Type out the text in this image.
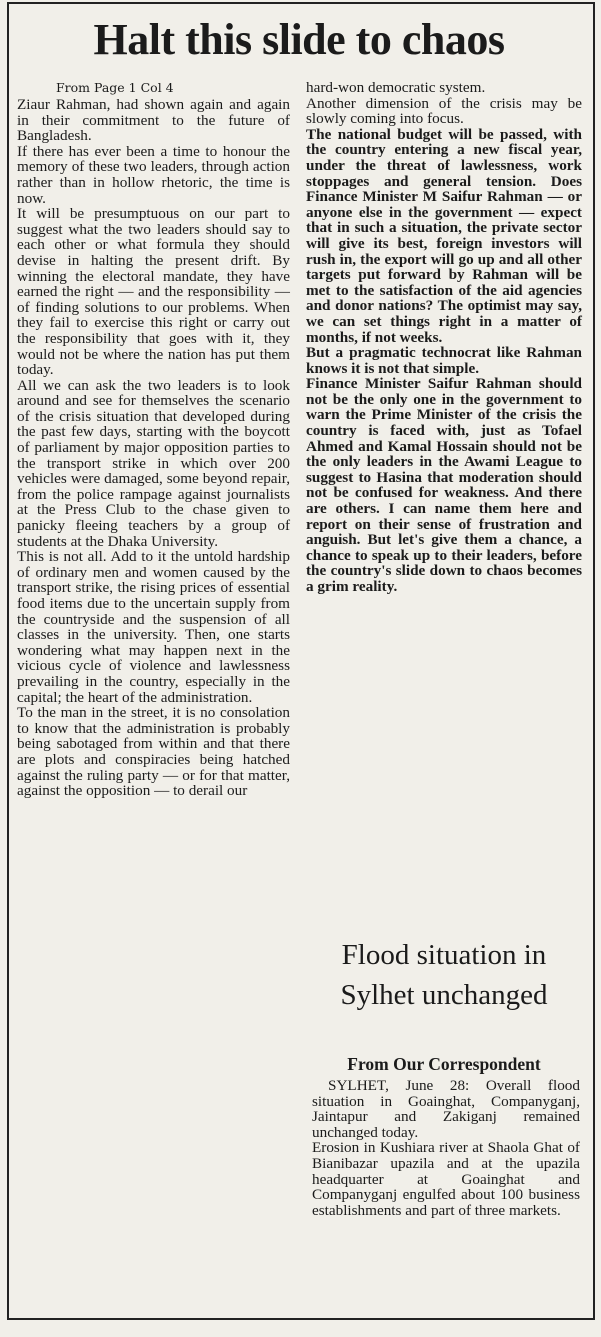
Halt this slide to chaos
From Page 1 Col 4

Ziaur Rahman, had shown again and again in their commitment to the future of Bangladesh.

If there has ever been a time to honour the memory of these two leaders, through action rather than in hollow rhetoric, the time is now.

It will be presumptuous on our part to suggest what the two leaders should say to each other or what formula they should devise in halting the present drift. By winning the electoral mandate, they have earned the right — and the responsibility — of finding solutions to our problems. When they fail to exercise this right or carry out the responsibility that goes with it, they would not be where the nation has put them today.

All we can ask the two leaders is to look around and see for themselves the scenario of the crisis situation that developed during the past few days, starting with the boycott of parliament by major opposition parties to the transport strike in which over 200 vehicles were damaged, some beyond repair, from the police rampage against journalists at the Press Club to the chase given to panicky fleeing teachers by a group of students at the Dhaka University.

This is not all. Add to it the untold hardship of ordinary men and women caused by the transport strike, the rising prices of essential food items due to the uncertain supply from the countryside and the suspension of all classes in the university. Then, one starts wondering what may happen next in the vicious cycle of violence and lawlessness prevailing in the country, especially in the capital; the heart of the administration.

To the man in the street, it is no consolation to know that the administration is probably being sabotaged from within and that there are plots and conspiracies being hatched against the ruling party — or for that matter, against the opposition — to derail our

hard-won democratic system.

Another dimension of the crisis may be slowly coming into focus.

The national budget will be passed, with the country entering a new fiscal year, under the threat of lawlessness, work stoppages and general tension. Does Finance Minister M Saifur Rahman — or anyone else in the government — expect that in such a situation, the private sector will give its best, foreign investors will rush in, the export will go up and all other targets put forward by Rahman will be met to the satisfaction of the aid agencies and donor nations? The optimist may say, we can set things right in a matter of months, if not weeks.

But a pragmatic technocrat like Rahman knows it is not that simple.

Finance Minister Saifur Rahman should not be the only one in the government to warn the Prime Minister of the crisis the country is faced with, just as Tofael Ahmed and Kamal Hossain should not be the only leaders in the Awami League to suggest to Hasina that moderation should not be confused for weakness. And there are others. I can name them here and report on their sense of frustration and anguish. But let's give them a chance, a chance to speak up to their leaders, before the country's slide down to chaos becomes a grim reality.

Flood situation in Sylhet unchanged
From Our Correspondent

SYLHET, June 28: Overall flood situation in Goainghat, Companyganj, Jaintapur and Zakiganj remained unchanged today.

Erosion in Kushiara river at Shaola Ghat of Bianibazar upazila and at the upazila headquarter at Goainghat and Companyganj engulfed about 100 business establishments and part of three markets.
